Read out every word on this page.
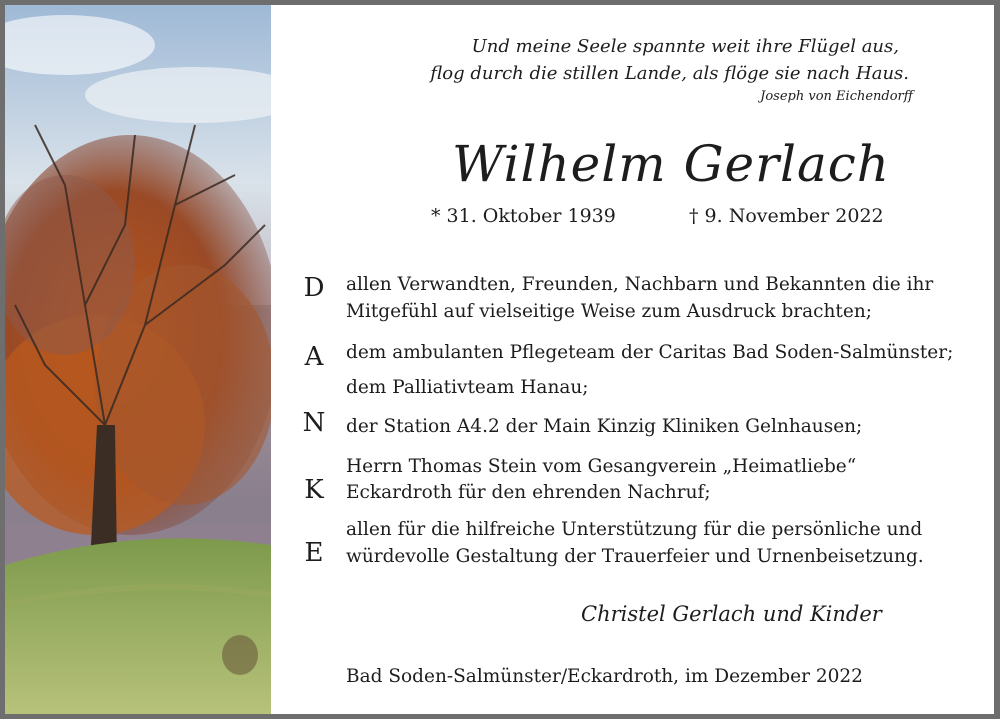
Und meine Seele spannte weit ihre Flügel aus,
flog durch die stillen Lande, als flöge sie nach Haus.
Joseph von Eichendorff
Wilhelm Gerlach
* 31. Oktober 1939	† 9. November 2022
D
A
N
K
E
allen Verwandten, Freunden, Nachbarn und Bekannten die ihr
Mitgefühl auf vielseitige Weise zum Ausdruck brachten;
dem ambulanten Pflegeteam der Caritas Bad Soden-Salmünster;
dem Palliativteam Hanau;
der Station A4.2 der Main Kinzig Kliniken Gelnhausen;
Herrn Thomas Stein vom Gesangverein „Heimatliebe“
Eckardroth für den ehrenden Nachruf;
allen für die hilfreiche Unterstützung für die persönliche und
würdevolle Gestaltung der Trauerfeier und Urnenbeisetzung.
Christel Gerlach und Kinder
Bad Soden-Salmünster/Eckardroth, im Dezember 2022
